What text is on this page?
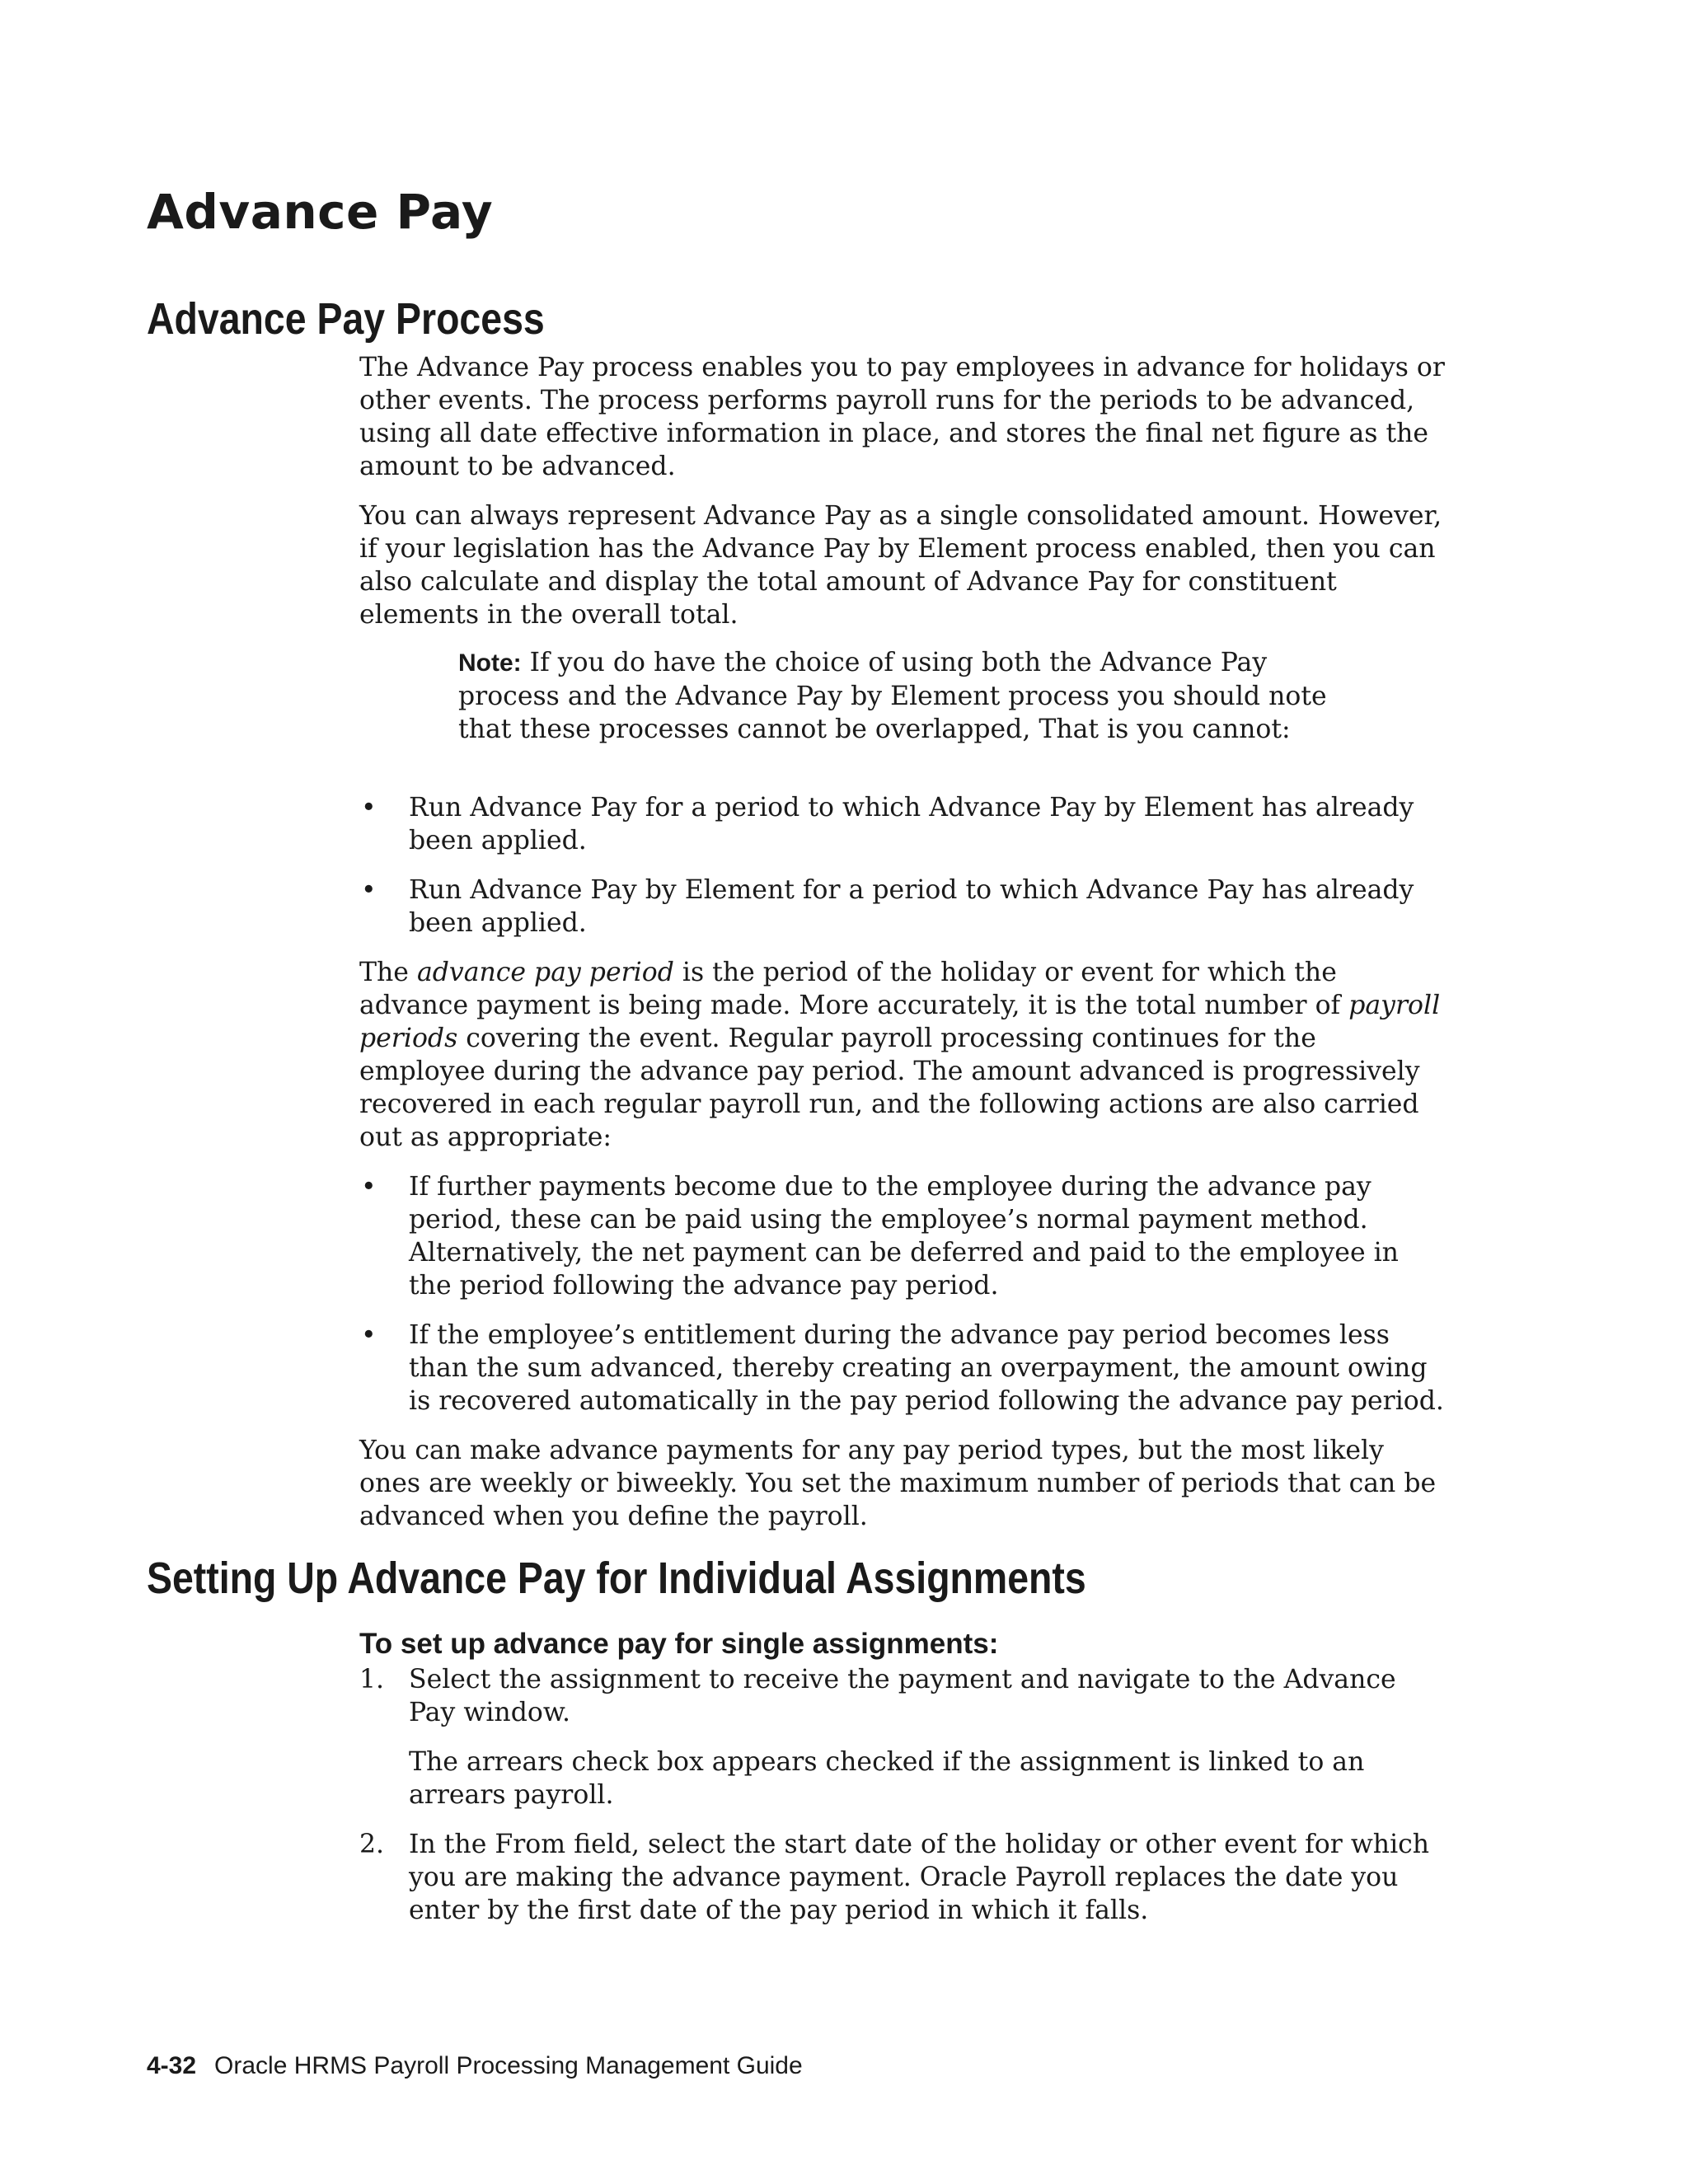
Advance Pay
Advance Pay Process

The Advance Pay process enables you to pay employees in advance for holidays or other events. The process performs payroll runs for the periods to be advanced, using all date effective information in place, and stores the final net figure as the amount to be advanced.

You can always represent Advance Pay as a single consolidated amount. However, if your legislation has the Advance Pay by Element process enabled, then you can also calculate and display the total amount of Advance Pay for constituent elements in the overall total.

Note: If you do have the choice of using both the Advance Pay process and the Advance Pay by Element process you should note that these processes cannot be overlapped, That is you cannot:
• Run Advance Pay for a period to which Advance Pay by Element has already been applied.
• Run Advance Pay by Element for a period to which Advance Pay has already been applied.

The advance pay period is the period of the holiday or event for which the advance payment is being made. More accurately, it is the total number of payroll periods covering the event. Regular payroll processing continues for the employee during the advance pay period. The amount advanced is progressively recovered in each regular payroll run, and the following actions are also carried out as appropriate:

• If further payments become due to the employee during the advance pay period, these can be paid using the employee’s normal payment method. Alternatively, the net payment can be deferred and paid to the employee in the period following the advance pay period.
• If the employee’s entitlement during the advance pay period becomes less than the sum advanced, thereby creating an overpayment, the amount owing is recovered automatically in the pay period following the advance pay period.

You can make advance payments for any pay period types, but the most likely ones are weekly or biweekly. You set the maximum number of periods that can be advanced when you define the payroll.

Setting Up Advance Pay for Individual Assignments
To set up advance pay for single assignments:
1. Select the assignment to receive the payment and navigate to the Advance Pay window.

The arrears check box appears checked if the assignment is linked to an arrears payroll.

2. In the From field, select the start date of the holiday or other event for which you are making the advance payment. Oracle Payroll replaces the date you enter by the first date of the pay period in which it falls.

4-32 Oracle HRMS Payroll Processing Management Guide
